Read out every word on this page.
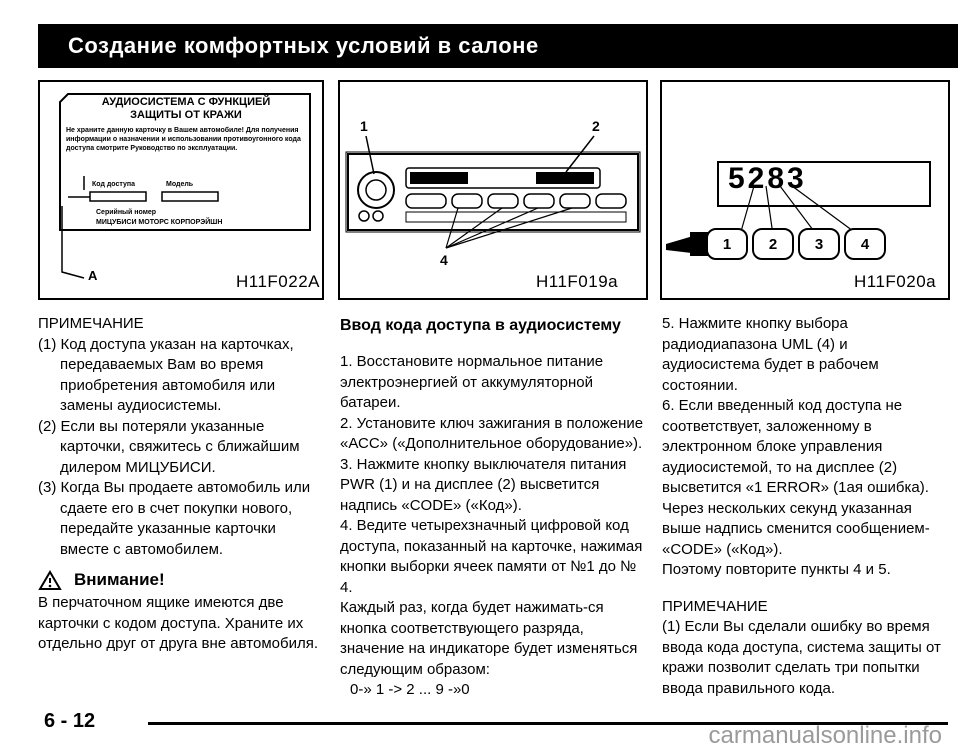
Создание комфортных условий в салоне
АУДИОСИСТЕМА С ФУНКЦИЕЙ
ЗАЩИТЫ ОТ КРАЖИ
Не храните данную карточку в Вашем автомобиле! Для получения информации о назначении и использовании противоугонного кода доступа смотрите Руководство по эксплуатации.
Код доступа	Модель
Серийный номер
МИЦУБИСИ МОТОРС КОРПОРЭЙШН
A	H11F022A
1	2
4
H11F019a
5283
1	2	3	4
H11F020a

ПРИМЕЧАНИЕ

(1) Код доступа указан на карточках, передаваемых Вам во время приобретения автомобиля или замены аудиосистемы.

(2) Если вы потеряли указанные карточки, свяжитесь с ближайшим дилером МИЦУБИСИ.

(3) Когда Вы продаете автомобиль или сдаете его в счет покупки нового, передайте указанные карточки вместе с автомобилем.

Внимание!

В перчаточном ящике имеются две карточки с кодом доступа. Храните их отдельно друг от друга вне автомобиля.

Ввод кода доступа в аудиосистему

1. Восстановите нормальное питание электроэнергией от аккумуляторной батареи.

2. Установите ключ зажигания в положение «АСС» («Дополнительное оборудование»).

3. Нажмите кнопку выключателя питания PWR (1) и на дисплее (2) высветится надпись «CODE» («Код»).

4. Ведите четырехзначный цифровой код доступа, показанный на карточке, нажимая кнопки выборки ячеек памяти от №1 до № 4.

Каждый раз, когда будет нажимать-ся кнопка соответствующего разряда, значение на индикаторе будет изменяться следующим образом:

0-» 1 -> 2 ... 9 -»0

5. Нажмите кнопку выбора радиодиапазона UML (4) и аудиосистема будет в рабочем состоянии.

6. Если введенный код доступа не соответствует, заложенному в электронном блоке управления аудиосистемой, то на дисплее (2) высветится «1 ERROR» (1ая ошибка).

Через нескольких секунд указанная выше надпись сменится сообщением- «CODE» («Код»).

Поэтому повторите пункты 4 и 5.

ПРИМЕЧАНИЕ

(1) Если Вы сделали ошибку во время ввода кода доступа, система защиты от кражи позволит сделать три попытки ввода правильного кода.

6 - 12
carmanualsonline.info
